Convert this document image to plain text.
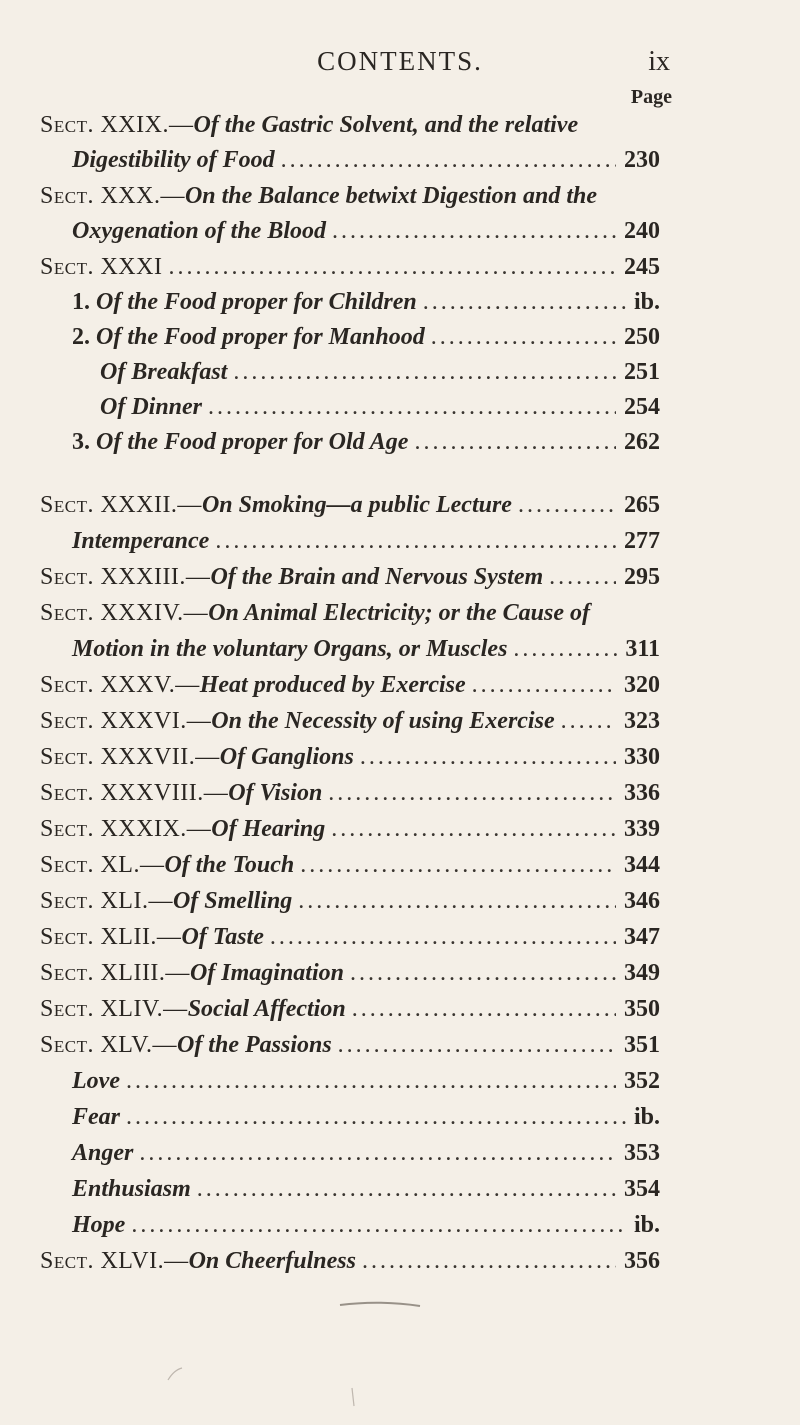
CONTENTS.	ix
Page
Sect. XXIX.—Of the Gastric Solvent, and the relative
Digestibility of Food .....	230
Sect. XXX.—On the Balance betwixt Digestion and the
Oxygenation of the Blood .....	240
Sect. XXXI .....	245
1. Of the Food proper for Children .....	ib.
2. Of the Food proper for Manhood .....	250
Of Breakfast .....	251
Of Dinner .....	254
3. Of the Food proper for Old Age .....	262
Sect. XXXII.—On Smoking—a public Lecture .....	265
Intemperance .....	277
Sect. XXXIII.—Of the Brain and Nervous System .....	295
Sect. XXXIV.—On Animal Electricity; or the Cause of
Motion in the voluntary Organs, or Muscles .....	311
Sect. XXXV.—Heat produced by Exercise .....	320
Sect. XXXVI.—On the Necessity of using Exercise .....	323
Sect. XXXVII.—Of Ganglions .....	330
Sect. XXXVIII.—Of Vision .....	336
Sect. XXXIX.—Of Hearing .....	339
Sect. XL.—Of the Touch .....	344
Sect. XLI.—Of Smelling .....	346
Sect. XLII.—Of Taste .....	347
Sect. XLIII.—Of Imagination .....	349
Sect. XLIV.—Social Affection .....	350
Sect. XLV.—Of the Passions .....	351
Love .....	352
Fear .....	ib.
Anger .....	353
Enthusiasm .....	354
Hope .....	ib.
Sect. XLVI.—On Cheerfulness .....	356
